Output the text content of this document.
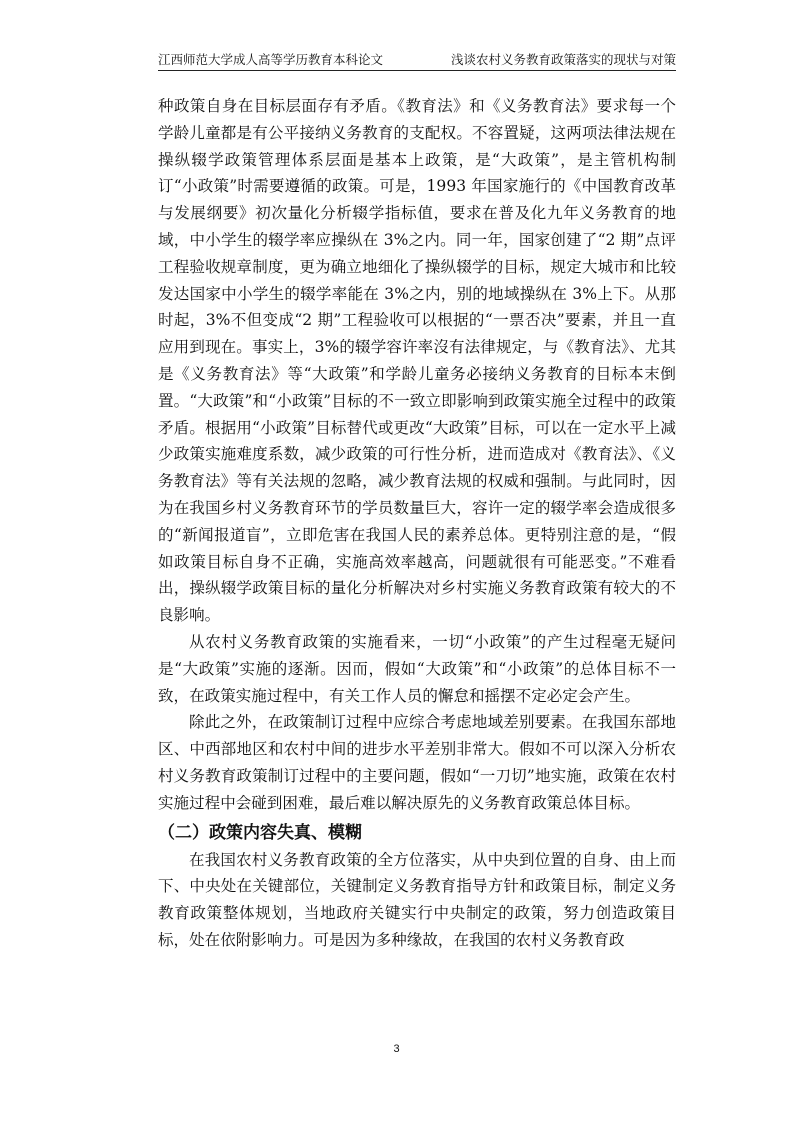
江西师范大学成人高等学历教育本科论文	浅谈农村义务教育政策落实的现状与对策

种政策自身在目标层面存有矛盾。《教育法》和《义务教育法》要求每一个学龄儿童都是有公平接纳义务教育的支配权。不容置疑，这两项法律法规在操纵辍学政策管理体系层面是基本上政策，是“大政策”，是主管机构制订“小政策”时需要遵循的政策。可是，1993 年国家施行的《中国教育改革与发展纲要》初次量化分析辍学指标值，要求在普及化九年义务教育的地域，中小学生的辍学率应操纵在 3%之内。同一年，国家创建了“2 期”点评工程验收规章制度，更为确立地细化了操纵辍学的目标，规定大城市和比较发达国家中小学生的辍学率能在 3%之内，别的地域操纵在 3%上下。从那时起，3%不但变成“2 期”工程验收可以根据的“一票否决”要素，并且一直应用到现在。事实上，3%的辍学容许率沒有法律规定，与《教育法》、尤其是《义务教育法》等“大政策”和学龄儿童务必接纳义务教育的目标本末倒置。“大政策”和“小政策”目标的不一致立即影响到政策实施全过程中的政策矛盾。根据用“小政策”目标替代或更改“大政策”目标，可以在一定水平上减少政策实施难度系数，减少政策的可行性分析，进而造成对《教育法》、《义务教育法》等有关法规的忽略，减少教育法规的权威和强制。与此同时，因为在我国乡村义务教育环节的学员数量巨大，容许一定的辍学率会造成很多的“新闻报道盲”，立即危害在我国人民的素养总体。更特别注意的是，“假如政策目标自身不正确，实施高效率越高，问题就很有可能恶变。”不难看出，操纵辍学政策目标的量化分析解决对乡村实施义务教育政策有较大的不良影响。

从农村义务教育政策的实施看来，一切“小政策”的产生过程毫无疑问是“大政策”实施的逐渐。因而，假如“大政策”和“小政策”的总体目标不一致，在政策实施过程中，有关工作人员的懈怠和摇摆不定必定会产生。

除此之外，在政策制订过程中应综合考虑地域差别要素。在我国东部地区、中西部地区和农村中间的进步水平差别非常大。假如不可以深入分析农村义务教育政策制订过程中的主要问题，假如“一刀切”地实施，政策在农村实施过程中会碰到困难，最后难以解决原先的义务教育政策总体目标。

（二）政策内容失真、模糊

在我国农村义务教育政策的全方位落实，从中央到位置的自身、由上而下、中央处在关键部位，关键制定义务教育指导方针和政策目标，制定义务教育政策整体规划，当地政府关键实行中央制定的政策，努力创造政策目标，处在依附影响力。可是因为多种缘故，在我国的农村义务教育政

3
